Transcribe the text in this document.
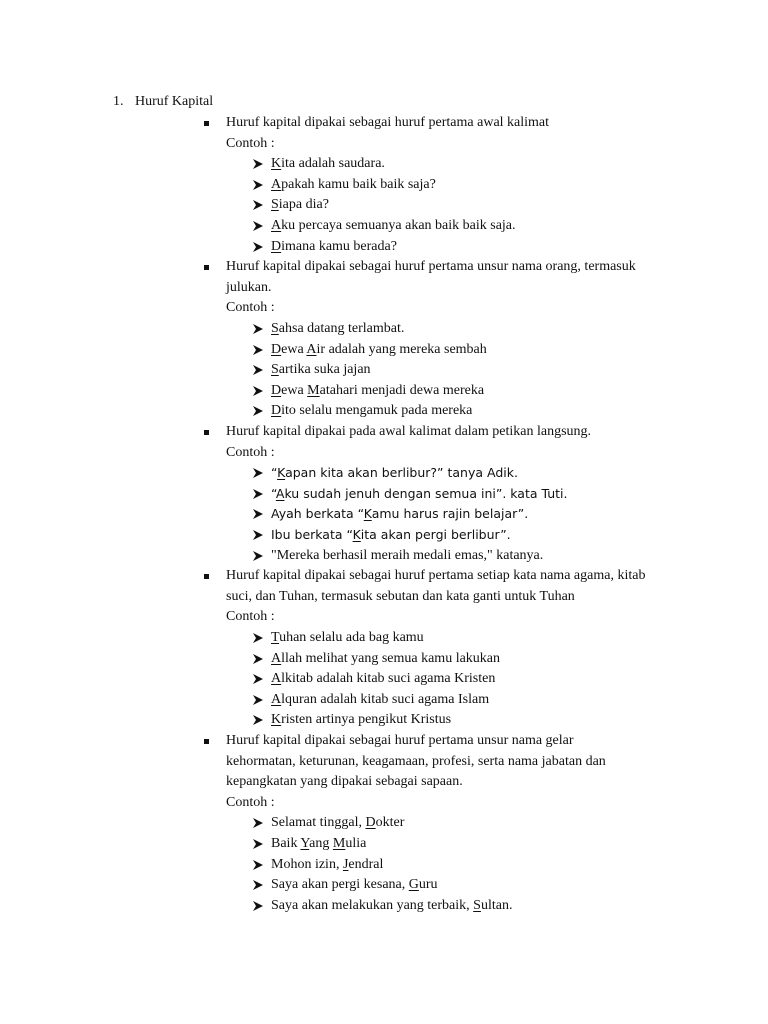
1. Huruf Kapital
Huruf kapital dipakai sebagai huruf pertama awal kalimat
Contoh :
Kita adalah saudara.
Apakah kamu baik baik saja?
Siapa dia?
Aku percaya semuanya akan baik baik saja.
Dimana kamu berada?
Huruf kapital dipakai sebagai huruf pertama unsur nama orang, termasuk
julukan.
Contoh :
Sahsa datang terlambat.
Dewa Air adalah yang mereka sembah
Sartika suka jajan
Dewa Matahari menjadi dewa mereka
Dito selalu mengamuk pada mereka
Huruf kapital dipakai pada awal kalimat dalam petikan langsung.
Contoh :
“Kapan kita akan berlibur?” tanya Adik.
“Aku sudah jenuh dengan semua ini”. kata Tuti.
Ayah berkata “Kamu harus rajin belajar”.
Ibu berkata “Kita akan pergi berlibur”.
"Mereka berhasil meraih medali emas," katanya.
Huruf kapital dipakai sebagai huruf pertama setiap kata nama agama, kitab
suci, dan Tuhan, termasuk sebutan dan kata ganti untuk Tuhan
Contoh :
Tuhan selalu ada bag kamu
Allah melihat yang semua kamu lakukan
Alkitab adalah kitab suci agama Kristen
Alquran adalah kitab suci agama Islam
Kristen artinya pengikut Kristus
Huruf kapital dipakai sebagai huruf pertama unsur nama gelar
kehormatan, keturunan, keagamaan, profesi, serta nama jabatan dan
kepangkatan yang dipakai sebagai sapaan.
Contoh :
Selamat tinggal, Dokter
Baik Yang Mulia
Mohon izin, Jendral
Saya akan pergi kesana, Guru
Saya akan melakukan yang terbaik, Sultan.
